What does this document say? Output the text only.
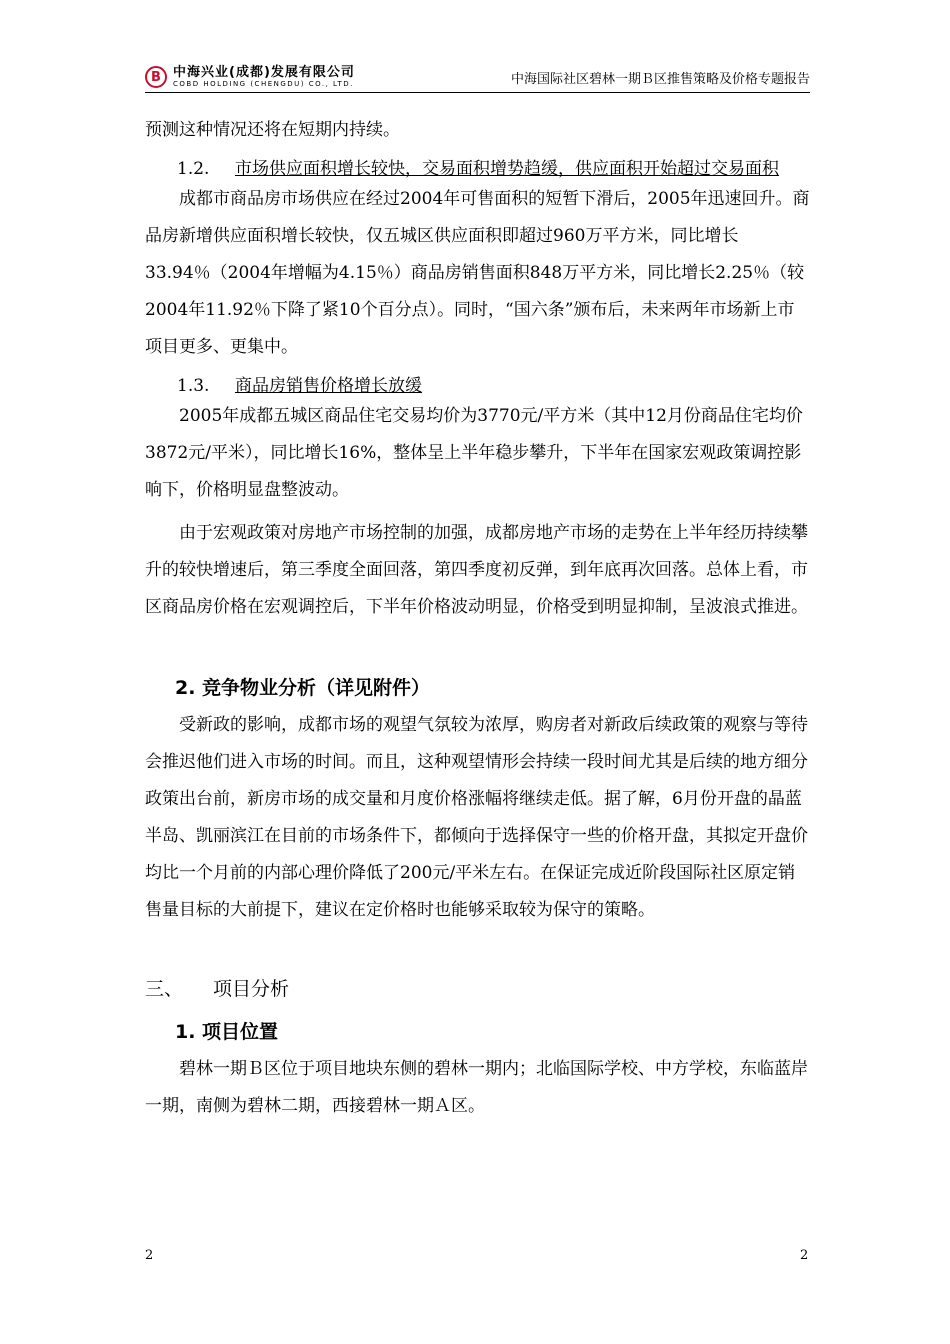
B 中海兴业(成都)发展有限公司
COBD HOLDING (CHENGDU) CO., LTD.	中海国际社区碧林一期Ｂ区推售策略及价格专题报告

预测这种情况还将在短期内持续。

1.2.	市场供应面积增长较快，交易面积增势趋缓，供应面积开始超过交易面积

成都市商品房市场供应在经过2004年可售面积的短暂下滑后，2005年迅速回升。商品房新增供应面积增长较快，仅五城区供应面积即超过960万平方米，同比增长33.94％（2004年增幅为4.15％）商品房销售面积848万平方米，同比增长2.25％（较2004年11.92％下降了紧10个百分点）。同时，“国六条”颁布后，未来两年市场新上市项目更多、更集中。

1.3.	商品房销售价格增长放缓

2005年成都五城区商品住宅交易均价为3770元/平方米（其中12月份商品住宅均价3872元/平米），同比增长16%，整体呈上半年稳步攀升，下半年在国家宏观政策调控影响下，价格明显盘整波动。

由于宏观政策对房地产市场控制的加强，成都房地产市场的走势在上半年经历持续攀升的较快增速后，第三季度全面回落，第四季度初反弹，到年底再次回落。总体上看，市区商品房价格在宏观调控后，下半年价格波动明显，价格受到明显抑制，呈波浪式推进。

2. 竞争物业分析（详见附件）

受新政的影响，成都市场的观望气氛较为浓厚，购房者对新政后续政策的观察与等待会推迟他们进入市场的时间。而且，这种观望情形会持续一段时间尤其是后续的地方细分政策出台前，新房市场的成交量和月度价格涨幅将继续走低。据了解，6月份开盘的晶蓝半岛、凯丽滨江在目前的市场条件下，都倾向于选择保守一些的价格开盘，其拟定开盘价均比一个月前的内部心理价降低了200元/平米左右。在保证完成近阶段国际社区原定销售量目标的大前提下，建议在定价格时也能够采取较为保守的策略。

三、 项目分析
1. 项目位置

碧林一期Ｂ区位于项目地块东侧的碧林一期内；北临国际学校、中方学校，东临蓝岸一期，南侧为碧林二期，西接碧林一期Ａ区。

2	2
